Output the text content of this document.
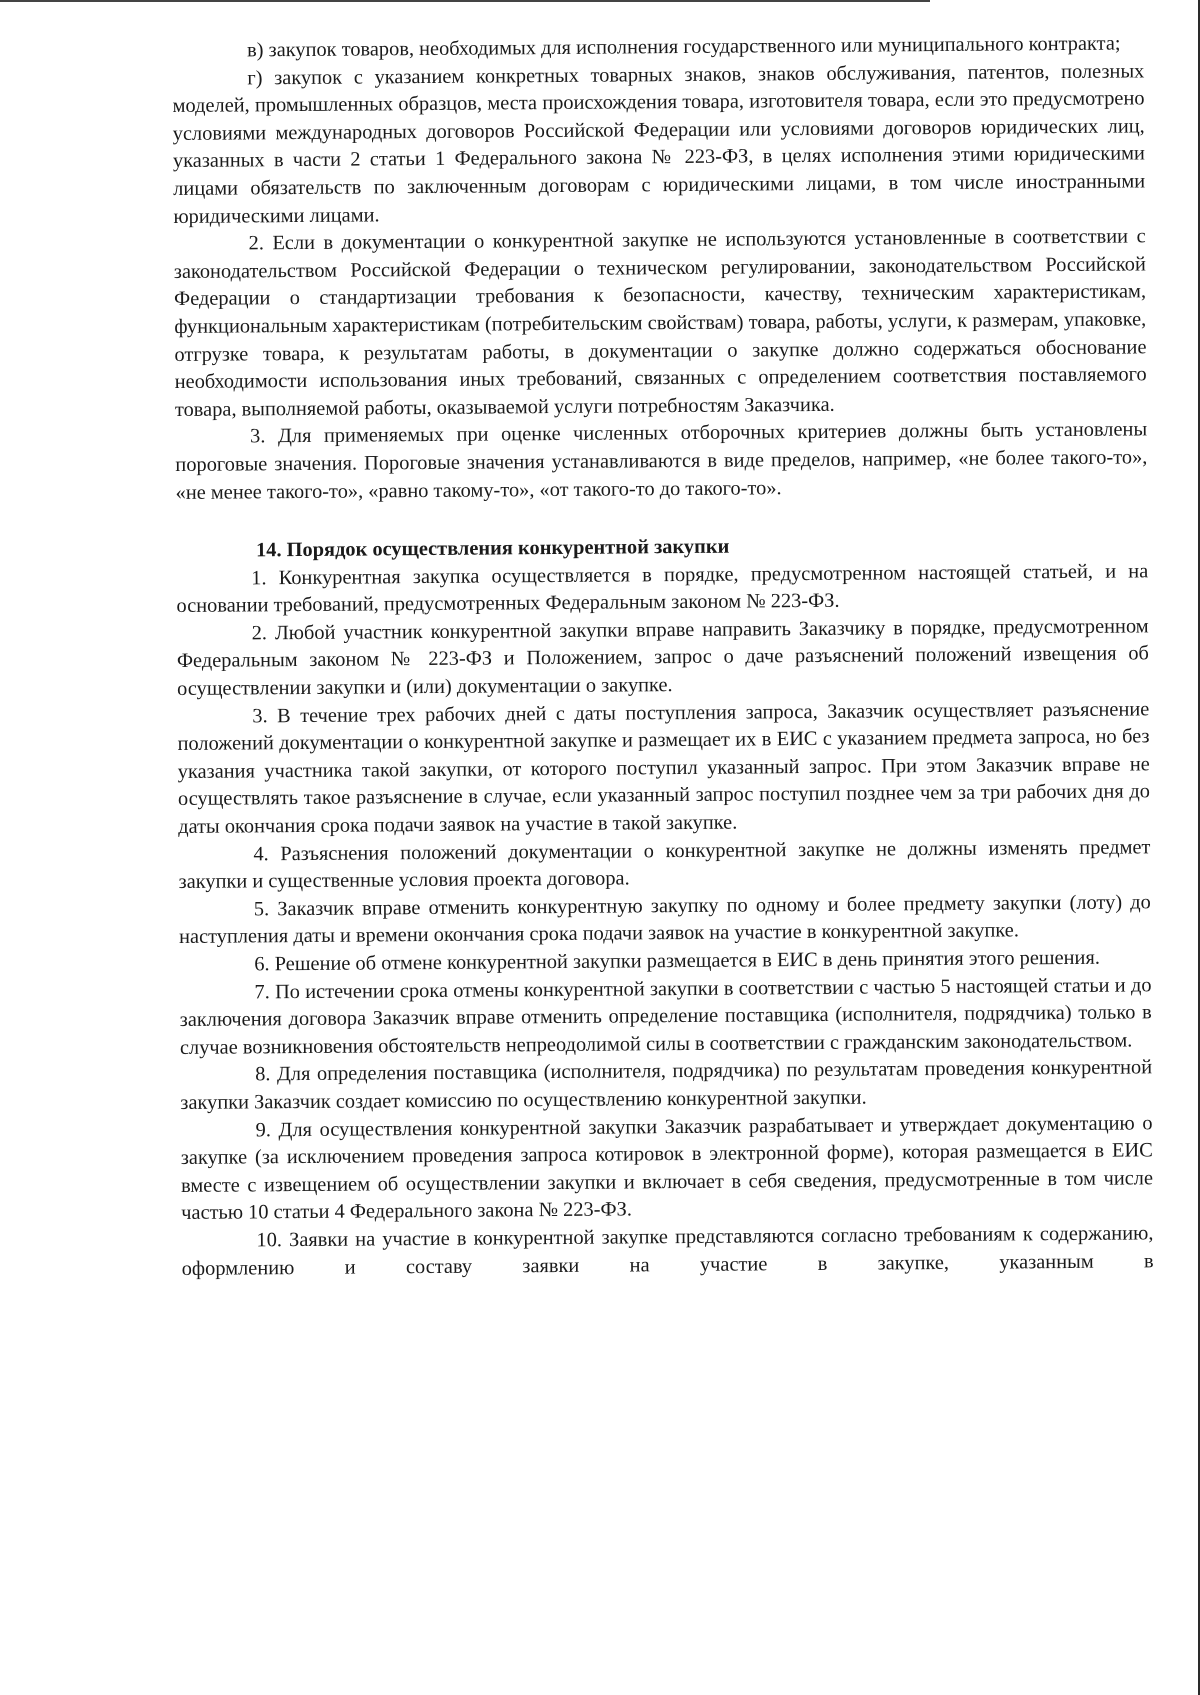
в) закупок товаров, необходимых для исполнения государственного или муниципального контракта;

г) закупок с указанием конкретных товарных знаков, знаков обслуживания, патентов, полезных моделей, промышленных образцов, места происхождения товара, изготовителя товара, если это предусмотрено условиями международных договоров Российской Федерации или условиями договоров юридических лиц, указанных в части 2 статьи 1 Федерального закона № 223-ФЗ, в целях исполнения этими юридическими лицами обязательств по заключенным договорам с юридическими лицами, в том числе иностранными юридическими лицами.

2. Если в документации о конкурентной закупке не используются установленные в соответствии с законодательством Российской Федерации о техническом регулировании, законодательством Российской Федерации о стандартизации требования к безопасности, качеству, техническим характеристикам, функциональным характеристикам (потребительским свойствам) товара, работы, услуги, к размерам, упаковке, отгрузке товара, к результатам работы, в документации о закупке должно содержаться обоснование необходимости использования иных требований, связанных с определением соответствия поставляемого товара, выполняемой работы, оказываемой услуги потребностям Заказчика.

3. Для применяемых при оценке численных отборочных критериев должны быть установлены пороговые значения. Пороговые значения устанавливаются в виде пределов, например, «не более такого-то», «не менее такого-то», «равно такому-то», «от такого-то до такого-то».

14. Порядок осуществления конкурентной закупки

1. Конкурентная закупка осуществляется в порядке, предусмотренном настоящей статьей, и на основании требований, предусмотренных Федеральным законом № 223-ФЗ.

2. Любой участник конкурентной закупки вправе направить Заказчику в порядке, предусмотренном Федеральным законом № 223-ФЗ и Положением, запрос о даче разъяснений положений извещения об осуществлении закупки и (или) документации о закупке.

3. В течение трех рабочих дней с даты поступления запроса, Заказчик осуществляет разъяснение положений документации о конкурентной закупке и размещает их в ЕИС с указанием предмета запроса, но без указания участника такой закупки, от которого поступил указанный запрос. При этом Заказчик вправе не осуществлять такое разъяснение в случае, если указанный запрос поступил позднее чем за три рабочих дня до даты окончания срока подачи заявок на участие в такой закупке.

4. Разъяснения положений документации о конкурентной закупке не должны изменять предмет закупки и существенные условия проекта договора.

5. Заказчик вправе отменить конкурентную закупку по одному и более предмету закупки (лоту) до наступления даты и времени окончания срока подачи заявок на участие в конкурентной закупке.

6. Решение об отмене конкурентной закупки размещается в ЕИС в день принятия этого решения.

7. По истечении срока отмены конкурентной закупки в соответствии с частью 5 настоящей статьи и до заключения договора Заказчик вправе отменить определение поставщика (исполнителя, подрядчика) только в случае возникновения обстоятельств непреодолимой силы в соответствии с гражданским законодательством.

8. Для определения поставщика (исполнителя, подрядчика) по результатам проведения конкурентной закупки Заказчик создает комиссию по осуществлению конкурентной закупки.

9. Для осуществления конкурентной закупки Заказчик разрабатывает и утверждает документацию о закупке (за исключением проведения запроса котировок в электронной форме), которая размещается в ЕИС вместе с извещением об осуществлении закупки и включает в себя сведения, предусмотренные в том числе частью 10 статьи 4 Федерального закона № 223-ФЗ.

10. Заявки на участие в конкурентной закупке представляются согласно требованиям к содержанию, оформлению и составу заявки на участие в закупке, указанным в
